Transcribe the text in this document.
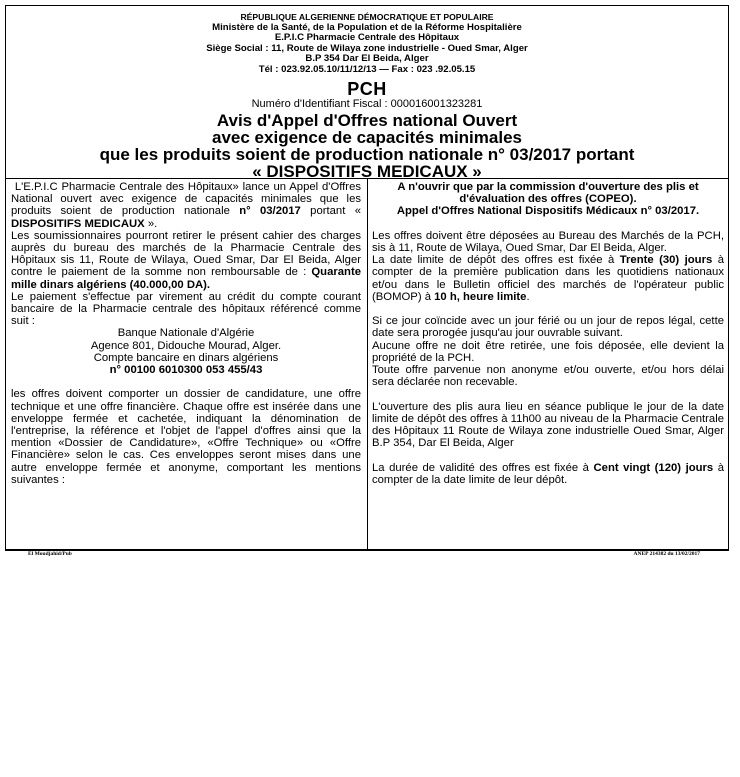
RÉPUBLIQUE ALGERIENNE DÉMOCRATIQUE ET POPULAIRE
Ministère de la Santé, de la Population et de la Réforme Hospitalière
E.P.I.C Pharmacie Centrale des Hôpitaux
Siège Social : 11, Route de Wilaya zone industrielle - Oued Smar, Alger
B.P 354 Dar El Beida, Alger
Tél : 023.92.05.10/11/12/13 — Fax : 023 .92.05.15
PCH
Numéro d'Identifiant Fiscal : 000016001323281
Avis d'Appel d'Offres national Ouvert
avec exigence de capacités minimales
que les produits soient de production nationale n° 03/2017 portant
« DISPOSITIFS MEDICAUX »

L'E.P.I.C Pharmacie Centrale des Hôpitaux» lance un Appel d'Offres National ouvert avec exigence de capacités minimales que les produits soient de production nationale n° 03/2017 portant « DISPOSITIFS MEDICAUX ».

Les soumissionnaires pourront retirer le présent cahier des charges auprès du bureau des marchés de la Pharmacie Centrale des Hôpitaux sis 11, Route de Wilaya, Oued Smar, Dar El Beida, Alger contre le paiement de la somme non remboursable de : Quarante mille dinars algériens (40.000,00 DA).

Le paiement s'effectue par virement au crédit du compte courant bancaire de la Pharmacie centrale des hôpitaux référencé comme suit :

Banque Nationale d'Algérie

Agence 801, Didouche Mourad, Alger.

Compte bancaire en dinars algériens

n° 00100 6010300 053 455/43

les offres doivent comporter un dossier de candidature, une offre technique et une offre financière. Chaque offre est insérée dans une enveloppe fermée et cachetée, indiquant la dénomination de l'entreprise, la référence et l'objet de l'appel d'offres ainsi que la mention «Dossier de Candidature», «Offre Technique» ou «Offre Financière» selon le cas. Ces enveloppes seront mises dans une autre enveloppe fermée et anonyme, comportant les mentions suivantes :

A n'ouvrir que par la commission d'ouverture des plis et d'évaluation des offres (COPEO).

Appel d'Offres National Dispositifs Médicaux n° 03/2017.

Les offres doivent être déposées au Bureau des Marchés de la PCH, sis à 11, Route de Wilaya, Oued Smar, Dar El Beida, Alger.

La date limite de dépôt des offres est fixée à Trente (30) jours à compter de la première publication dans les quotidiens nationaux et/ou dans le Bulletin officiel des marchés de l'opérateur public (BOMOP) à 10 h, heure limite.

Si ce jour coïncide avec un jour férié ou un jour de repos légal, cette date sera prorogée jusqu'au jour ouvrable suivant.

Aucune offre ne doit être retirée, une fois déposée, elle devient la propriété de la PCH.

Toute offre parvenue non anonyme et/ou ouverte, et/ou hors délai sera déclarée non recevable.

L'ouverture des plis aura lieu en séance publique le jour de la date limite de dépôt des offres à 11h00 au niveau de la Pharmacie Centrale des Hôpitaux 11 Route de Wilaya zone industrielle Oued Smar, Alger B.P 354, Dar El Beida, Alger

La durée de validité des offres est fixée à Cent vingt (120) jours à compter de la date limite de leur dépôt.

El Moudjahid/Pub	ANEP 214382 du 13/02/2017
